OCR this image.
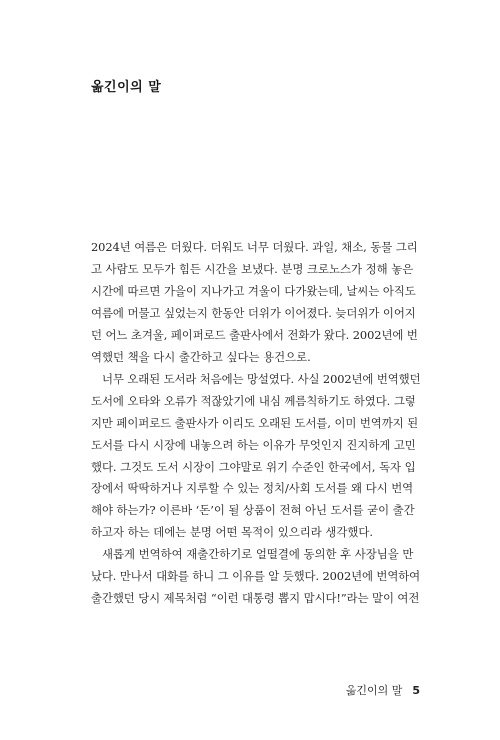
옮긴이의 말
2024년 여름은 더웠다. 더워도 너무 더웠다. 과일, 채소, 동물 그리
고 사람도 모두가 힘든 시간을 보냈다. 분명 크로노스가 정해 놓은
시간에 따르면 가을이 지나가고 겨울이 다가왔는데, 날씨는 아직도
여름에 머물고 싶었는지 한동안 더위가 이어졌다. 늦더위가 이어지
던 어느 초겨울, 페이퍼로드 출판사에서 전화가 왔다. 2002년에 번
역했던 책을 다시 출간하고 싶다는 용건으로.
너무 오래된 도서라 처음에는 망설였다. 사실 2002년에 번역했던
도서에 오타와 오류가 적잖았기에 내심 께름칙하기도 하였다. 그렇
지만 페이퍼로드 출판사가 이리도 오래된 도서를, 이미 번역까지 된
도서를 다시 시장에 내놓으려 하는 이유가 무엇인지 진지하게 고민
했다. 그것도 도서 시장이 그야말로 위기 수준인 한국에서, 독자 입
장에서 딱딱하거나 지루할 수 있는 정치/사회 도서를 왜 다시 번역
해야 하는가? 이른바 ‘돈’이 될 상품이 전혀 아닌 도서를 굳이 출간
하고자 하는 데에는 분명 어떤 목적이 있으리라 생각했다.
새롭게 번역하여 재출간하기로 얼떨결에 동의한 후 사장님을 만
났다. 만나서 대화를 하니 그 이유를 알 듯했다. 2002년에 번역하여
출간했던 당시 제목처럼 “이런 대통령 뽑지 맙시다!”라는 말이 여전
옮긴이의 말 5
